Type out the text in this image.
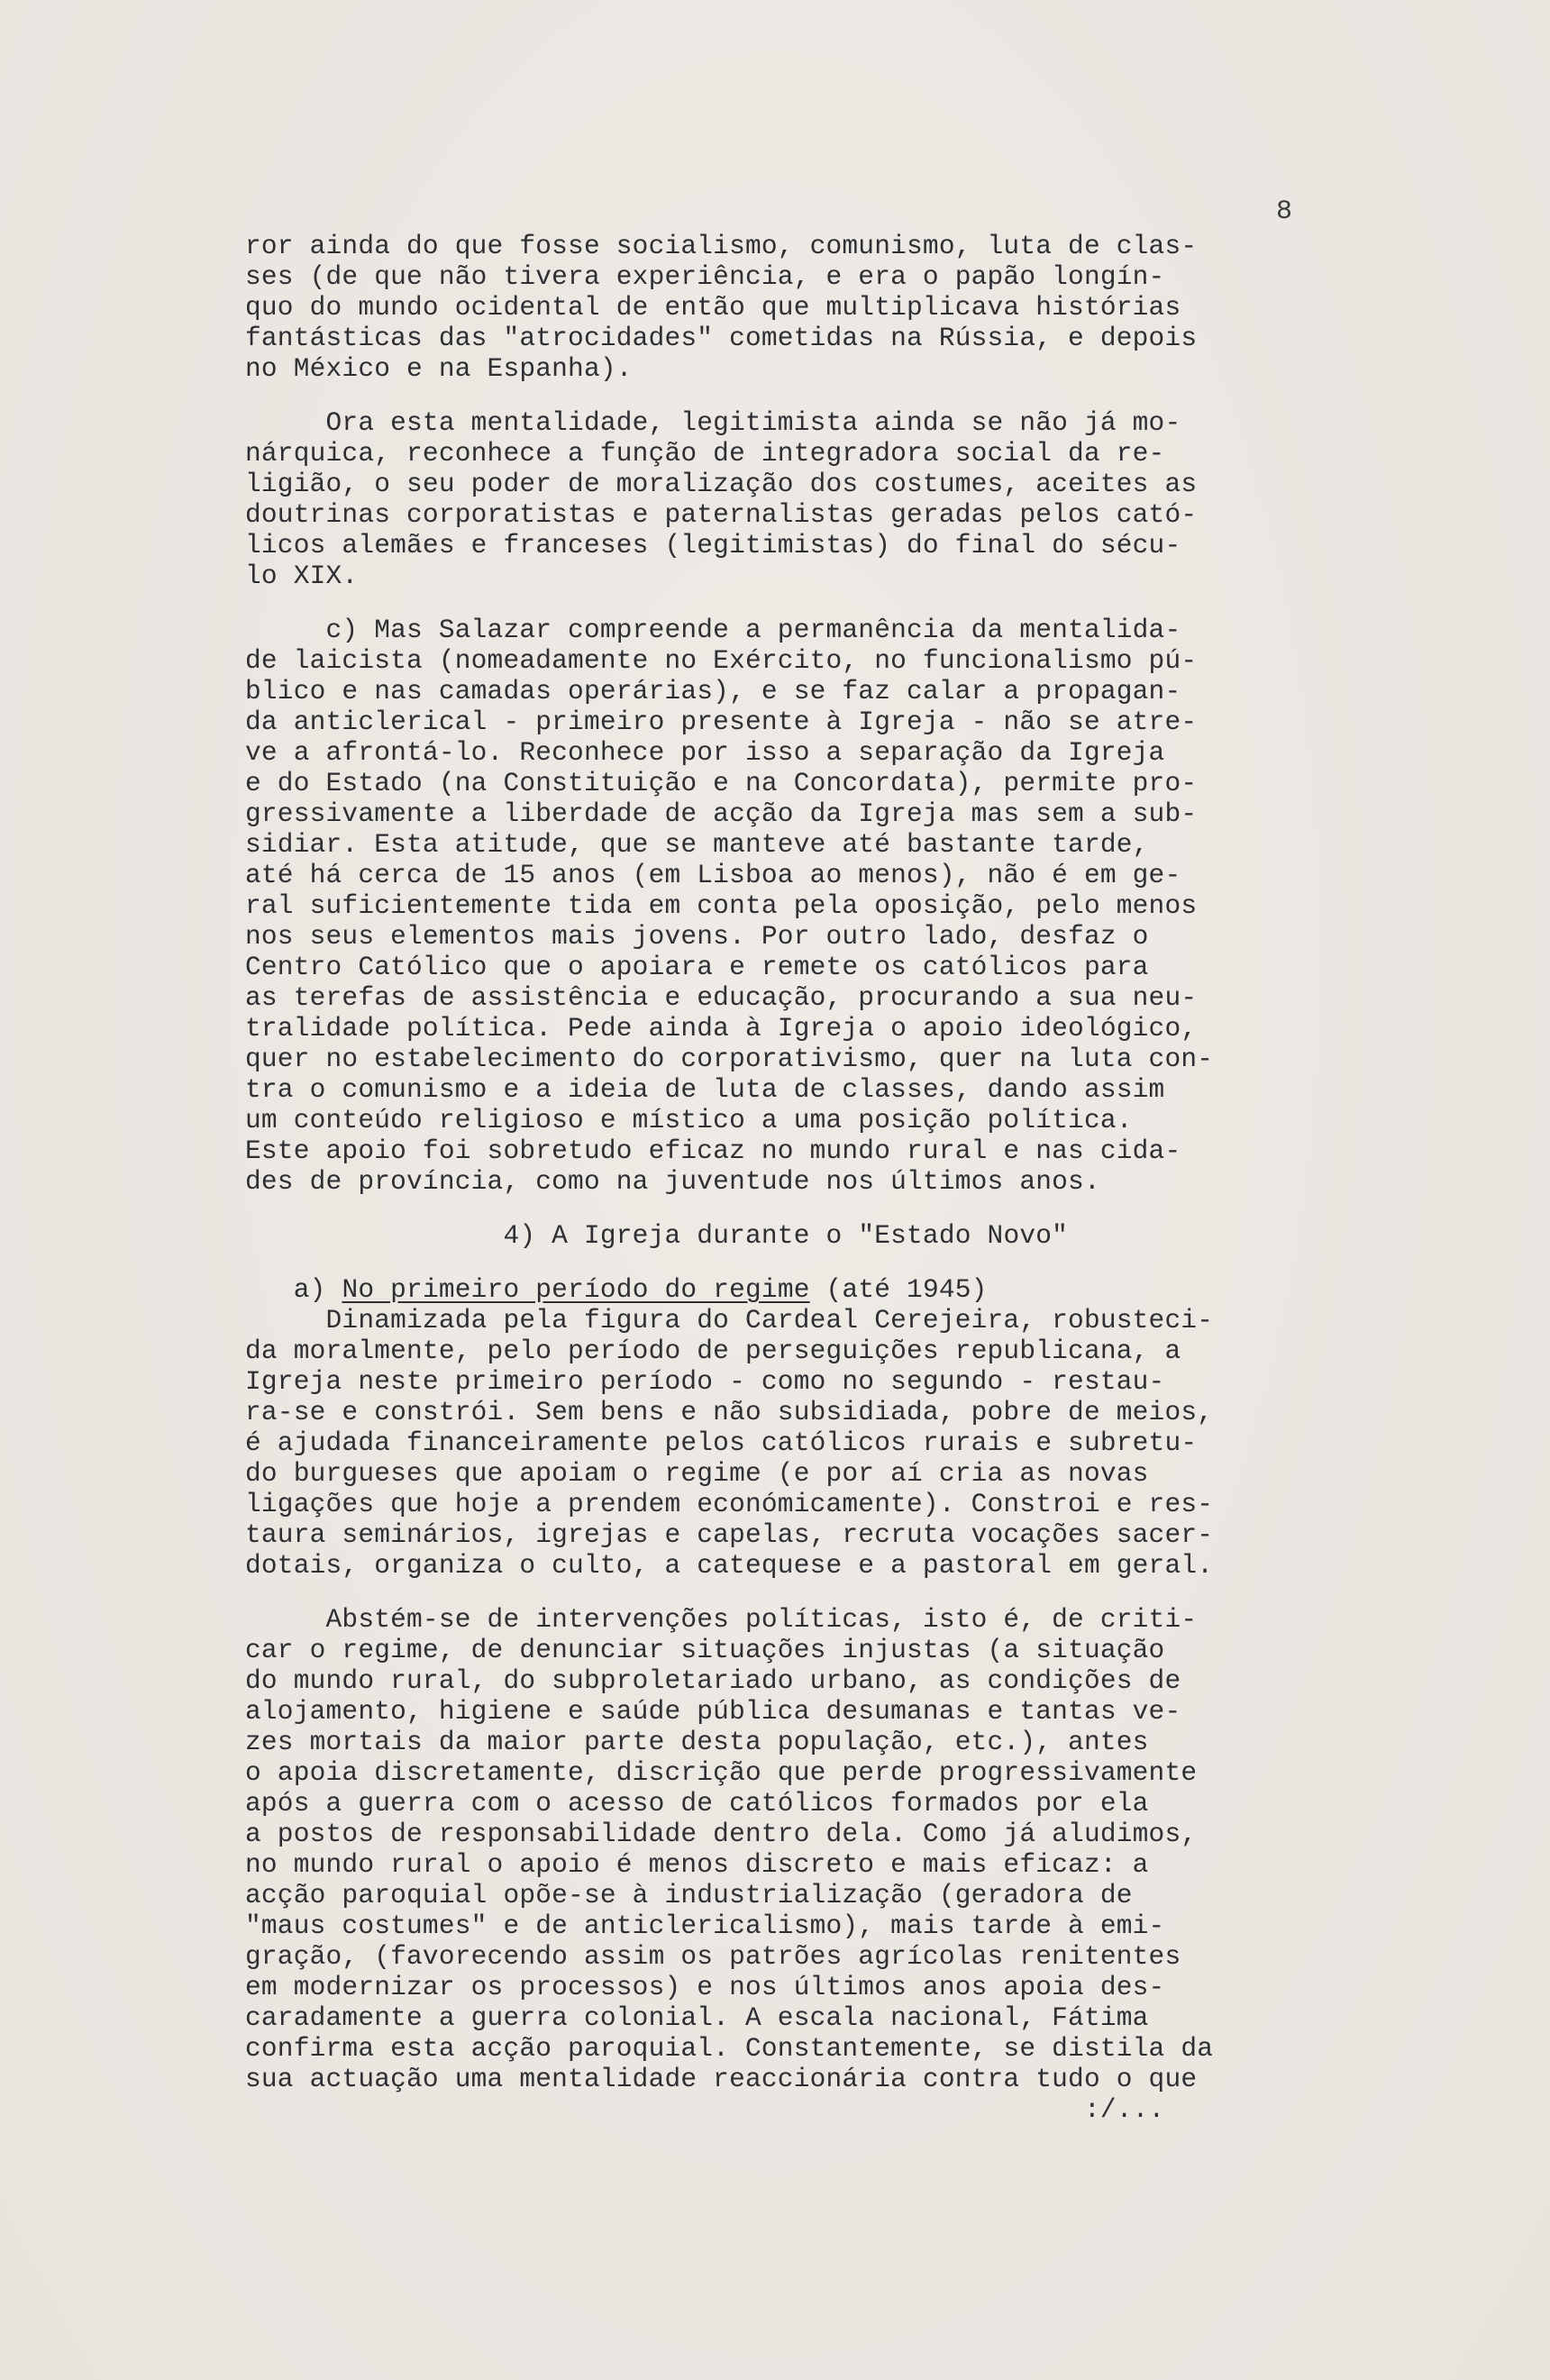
8
ror ainda do que fosse socialismo, comunismo, luta de clas-
ses (de que não tivera experiência, e era o papão longín-
quo do mundo ocidental de então que multiplicava histórias
fantásticas das "atrocidades" cometidas na Rússia, e depois
no México e na Espanha).
Ora esta mentalidade, legitimista ainda se não já mo-
nárquica, reconhece a função de integradora social da re-
ligião, o seu poder de moralização dos costumes, aceites as
doutrinas corporatistas e paternalistas geradas pelos cató-
licos alemães e franceses (legitimistas) do final do sécu-
lo XIX.
c) Mas Salazar compreende a permanência da mentalida-
de laicista (nomeadamente no Exército, no funcionalismo pú-
blico e nas camadas operárias), e se faz calar a propagan-
da anticlerical - primeiro presente à Igreja - não se atre-
ve a afrontá-lo. Reconhece por isso a separação da Igreja
e do Estado (na Constituição e na Concordata), permite pro-
gressivamente a liberdade de acção da Igreja mas sem a sub-
sidiar. Esta atitude, que se manteve até bastante tarde,
até há cerca de 15 anos (em Lisboa ao menos), não é em ge-
ral suficientemente tida em conta pela oposição, pelo menos
nos seus elementos mais jovens. Por outro lado, desfaz o
Centro Católico que o apoiara e remete os católicos para
as terefas de assistência e educação, procurando a sua neu-
tralidade política. Pede ainda à Igreja o apoio ideológico,
quer no estabelecimento do corporativismo, quer na luta con-
tra o comunismo e a ideia de luta de classes, dando assim
um conteúdo religioso e místico a uma posição política.
Este apoio foi sobretudo eficaz no mundo rural e nas cida-
des de província, como na juventude nos últimos anos.
4) A Igreja durante o "Estado Novo"
a) No primeiro período do regime (até 1945)
Dinamizada pela figura do Cardeal Cerejeira, robusteci-
da moralmente, pelo período de perseguições republicana, a
Igreja neste primeiro período - como no segundo - restau-
ra-se e constrói. Sem bens e não subsidiada, pobre de meios,
é ajudada financeiramente pelos católicos rurais e subretu-
do burgueses que apoiam o regime (e por aí cria as novas
ligações que hoje a prendem económicamente). Constroi e res-
taura seminários, igrejas e capelas, recruta vocações sacer-
dotais, organiza o culto, a catequese e a pastoral em geral.
Abstém-se de intervenções políticas, isto é, de criti-
car o regime, de denunciar situações injustas (a situação
do mundo rural, do subproletariado urbano, as condições de
alojamento, higiene e saúde pública desumanas e tantas ve-
zes mortais da maior parte desta população, etc.), antes
o apoia discretamente, discrição que perde progressivamente
após a guerra com o acesso de católicos formados por ela
a postos de responsabilidade dentro dela. Como já aludimos,
no mundo rural o apoio é menos discreto e mais eficaz: a
acção paroquial opõe-se à industrialização (geradora de
"maus costumes" e de anticlericalismo), mais tarde à emi-
gração, (favorecendo assim os patrões agrícolas renitentes
em modernizar os processos) e nos últimos anos apoia des-
caradamente a guerra colonial. A escala nacional, Fátima
confirma esta acção paroquial. Constantemente, se distila da
sua actuação uma mentalidade reaccionária contra tudo o que
:/...
